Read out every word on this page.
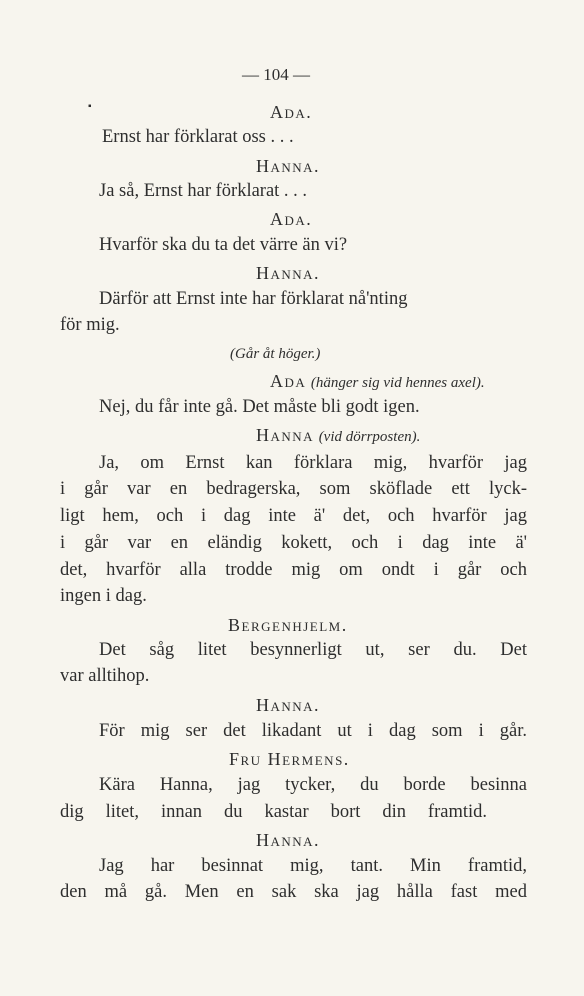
— 104 —
▪	Ada.
Ernst har förklarat oss . . .
Hanna.
Ja så, Ernst har förklarat . . .
Ada.
Hvarför ska du ta det värre än vi?
Hanna.
Därför att Ernst inte har förklarat nå'nting
för mig.
(Går åt höger.)
Ada (hänger sig vid hennes axel).
Nej, du får inte gå. Det måste bli godt igen.
Hanna (vid dörrposten).
Ja, om Ernst kan förklara mig, hvarför jag
i går var en bedragerska, som sköflade ett lyck-
ligt hem, och i dag inte ä' det, och hvarför jag
i går var en eländig kokett, och i dag inte ä'
det, hvarför alla trodde mig om ondt i går och
ingen i dag.
Bergenhjelm.
Det såg litet besynnerligt ut, ser du. Det
var alltihop.
Hanna.
För mig ser det likadant ut i dag som i går.
Fru Hermens.
Kära Hanna, jag tycker, du borde besinna
dig litet, innan du kastar bort din framtid.
Hanna.
Jag har besinnat mig, tant. Min framtid,
den må gå. Men en sak ska jag hålla fast med
